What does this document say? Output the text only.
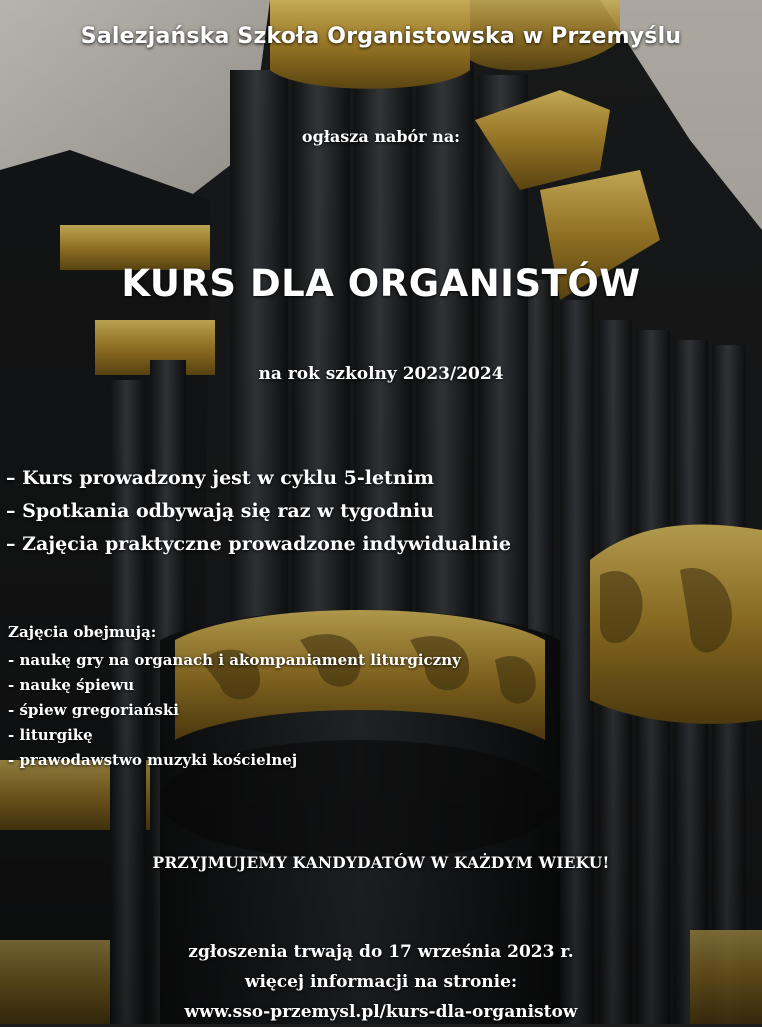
Salezjańska Szkoła Organistowska w Przemyślu
ogłasza nabór na:
KURS DLA ORGANISTÓW
na rok szkolny 2023/2024
– Kurs prowadzony jest w cyklu 5-letnim
– Spotkania odbywają się raz w tygodniu
– Zajęcia praktyczne prowadzone indywidualnie
Zajęcia obejmują:
- naukę gry na organach i akompaniament liturgiczny
- naukę śpiewu
- śpiew gregoriański
- liturgikę
- prawodawstwo muzyki kościelnej
PRZYJMUJEMY KANDYDATÓW W KAŻDYM WIEKU!
zgłoszenia trwają do 17 września 2023 r.
więcej informacji na stronie:
www.sso-przemysl.pl/kurs-dla-organistow
